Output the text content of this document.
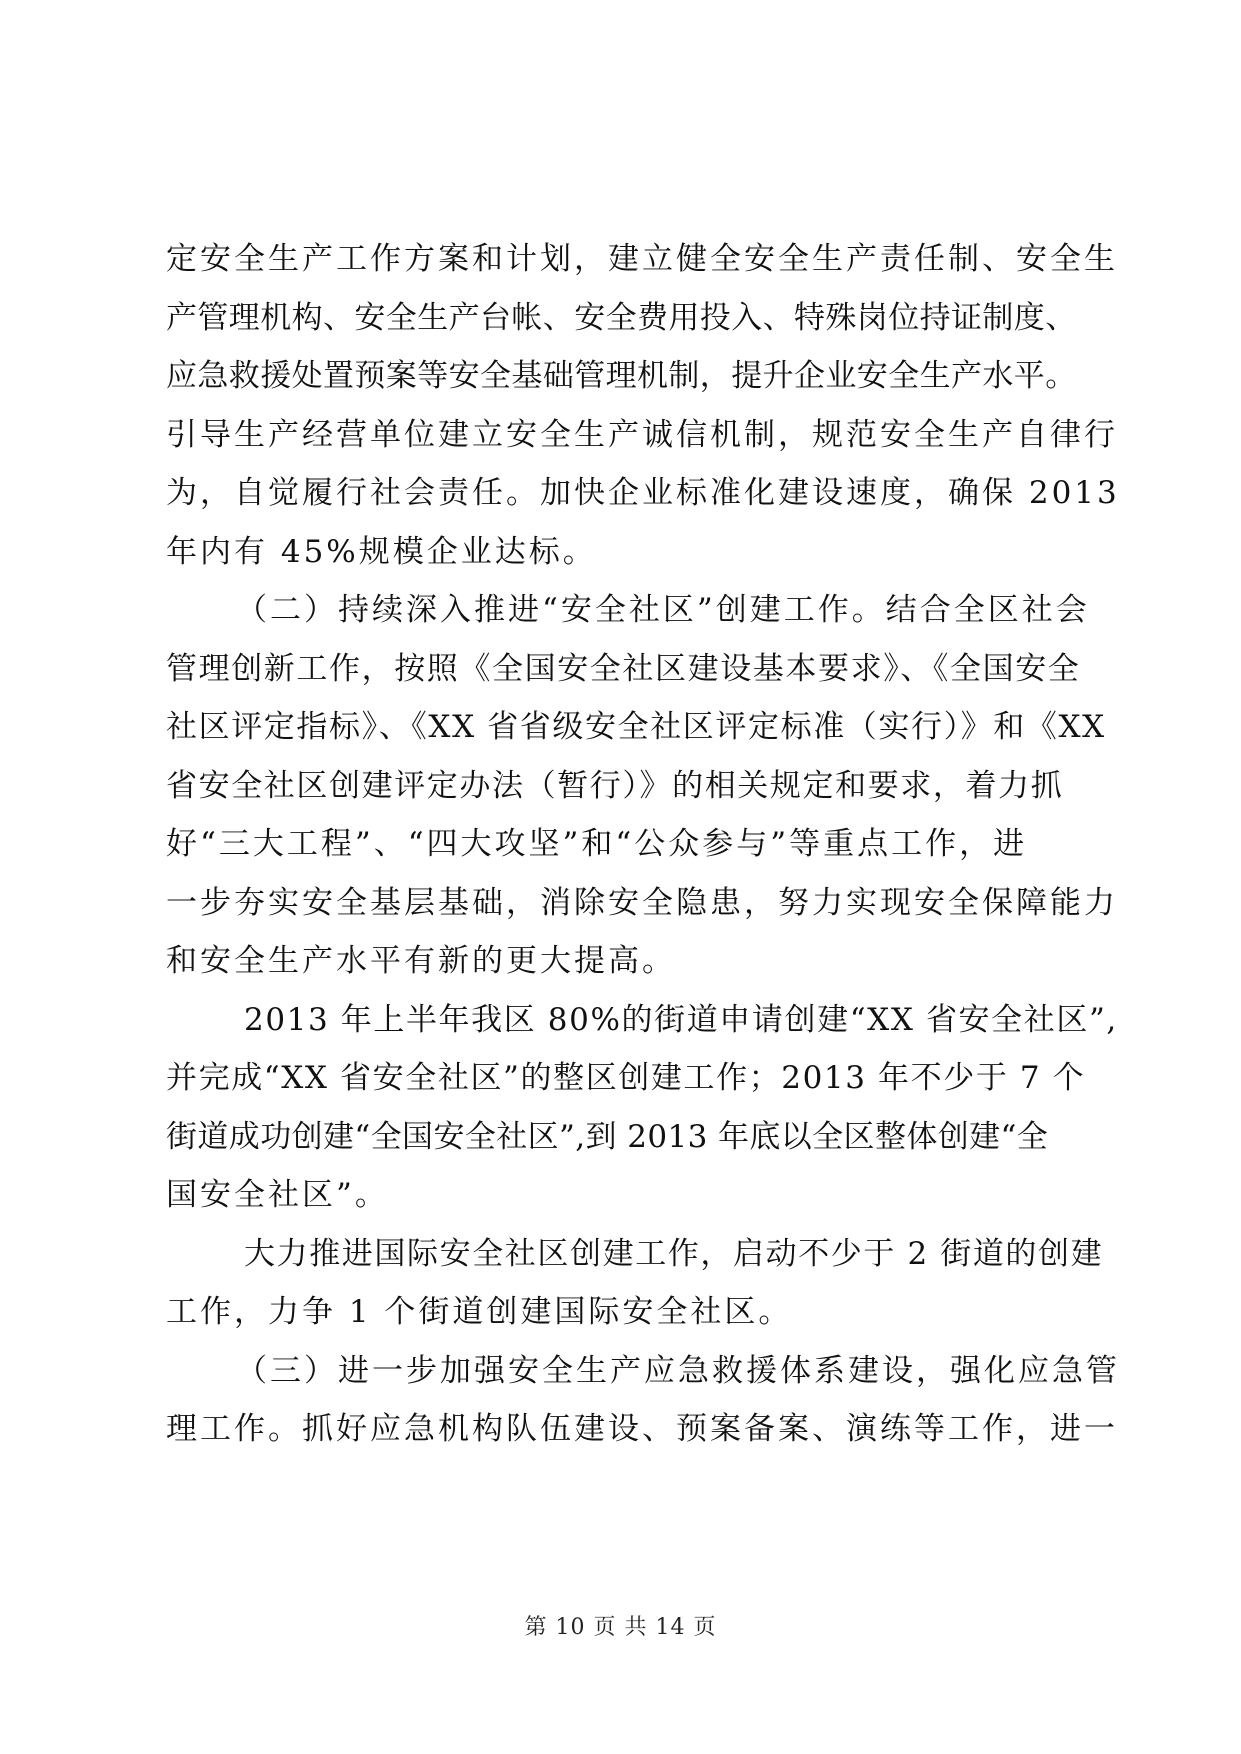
定安全生产工作方案和计划，建立健全安全生产责任制、安全生
产管理机构、安全生产台帐、安全费用投入、特殊岗位持证制度、
应急救援处置预案等安全基础管理机制，提升企业安全生产水平。
引导生产经营单位建立安全生产诚信机制，规范安全生产自律行
为，自觉履行社会责任。加快企业标准化建设速度，确保 2013
年内有 45%规模企业达标。
（二）持续深入推进“安全社区”创建工作。结合全区社会
管理创新工作，按照《全国安全社区建设基本要求》、《全国安全
社区评定指标》、《XX 省省级安全社区评定标准（实行）》和《XX
省安全社区创建评定办法（暂行）》的相关规定和要求，着力抓
好“三大工程”、“四大攻坚”和“公众参与”等重点工作，进
一步夯实安全基层基础，消除安全隐患，努力实现安全保障能力
和安全生产水平有新的更大提高。
2013 年上半年我区 80%的街道申请创建“XX 省安全社区”,
并完成“XX 省安全社区”的整区创建工作；2013 年不少于 7 个
街道成功创建“全国安全社区”,到 2013 年底以全区整体创建“全
国安全社区”。
大力推进国际安全社区创建工作，启动不少于 2 街道的创建
工作，力争 1 个街道创建国际安全社区。
（三）进一步加强安全生产应急救援体系建设，强化应急管
理工作。抓好应急机构队伍建设、预案备案、演练等工作，进一
第 10 页 共 14 页
